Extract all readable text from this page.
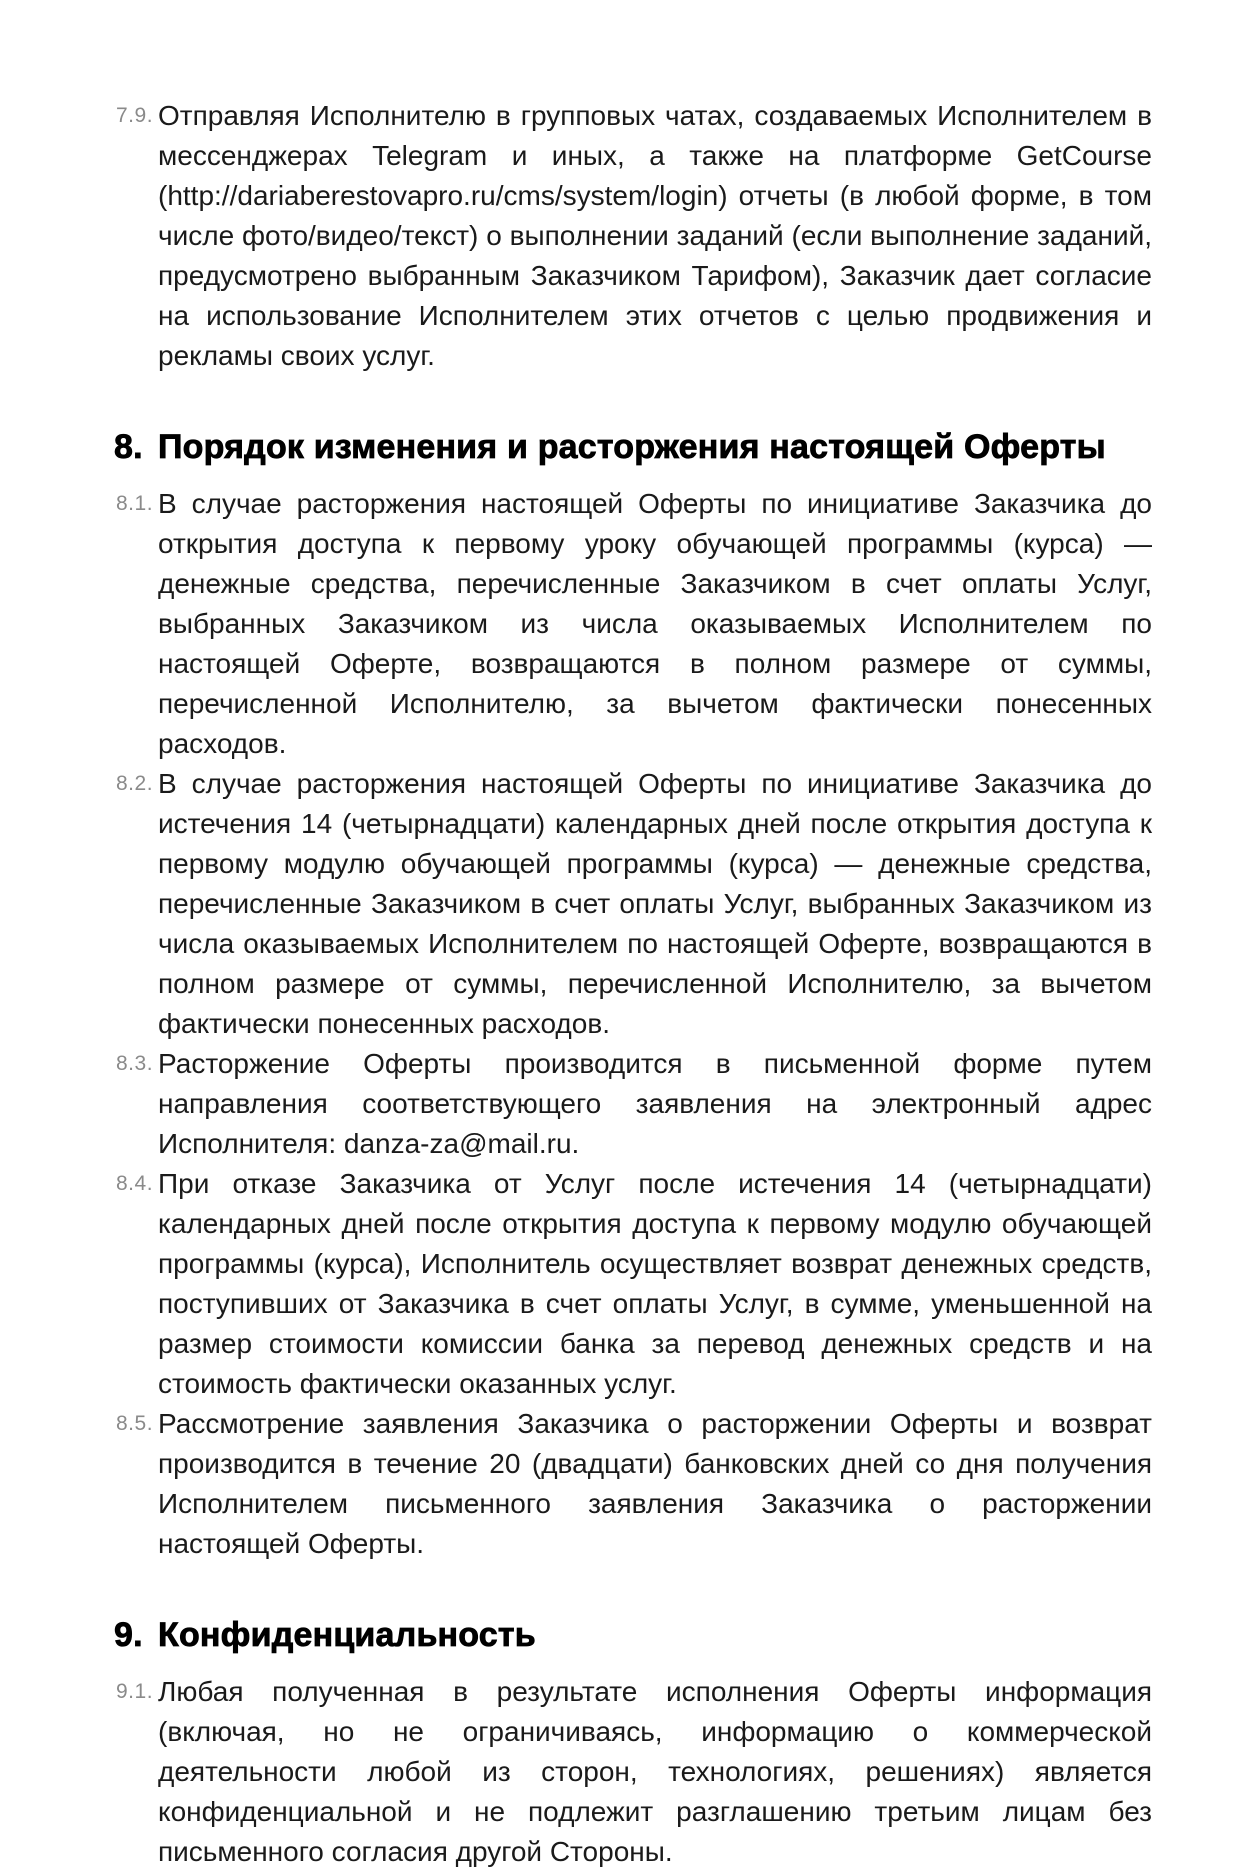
7.9. Отправляя Исполнителю в групповых чатах, создаваемых Исполнителем в мессенджерах Telegram и иных, а также на платформе GetCourse (http://dariaberestovapro.ru/cms/system/login) отчеты (в любой форме, в том числе фото/видео/текст) о выполнении заданий (если выполнение заданий, предусмотрено выбранным Заказчиком Тарифом), Заказчик дает согласие на использование Исполнителем этих отчетов с целью продвижения и рекламы своих услуг.

8. Порядок изменения и расторжения настоящей Оферты
8.1. В случае расторжения настоящей Оферты по инициативе Заказчика до открытия доступа к первому уроку обучающей программы (курса) — денежные средства, перечисленные Заказчиком в счет оплаты Услуг, выбранных Заказчиком из числа оказываемых Исполнителем по настоящей Оферте, возвращаются в полном размере от суммы, перечисленной Исполнителю, за вычетом фактически понесенных расходов.

8.2. В случае расторжения настоящей Оферты по инициативе Заказчика до истечения 14 (четырнадцати) календарных дней после открытия доступа к первому модулю обучающей программы (курса) — денежные средства, перечисленные Заказчиком в счет оплаты Услуг, выбранных Заказчиком из числа оказываемых Исполнителем по настоящей Оферте, возвращаются в полном размере от суммы, перечисленной Исполнителю, за вычетом фактически понесенных расходов.

8.3. Расторжение Оферты производится в письменной форме путем направления соответствующего заявления на электронный адрес Исполнителя: danza-za@mail.ru.

8.4. При отказе Заказчика от Услуг после истечения 14 (четырнадцати) календарных дней после открытия доступа к первому модулю обучающей программы (курса), Исполнитель осуществляет возврат денежных средств, поступивших от Заказчика в счет оплаты Услуг, в сумме, уменьшенной на размер стоимости комиссии банка за перевод денежных средств и на стоимость фактически оказанных услуг.

8.5. Рассмотрение заявления Заказчика о расторжении Оферты и возврат производится в течение 20 (двадцати) банковских дней со дня получения Исполнителем письменного заявления Заказчика о расторжении настоящей Оферты.

9. Конфиденциальность
9.1. Любая полученная в результате исполнения Оферты информация (включая, но не ограничиваясь, информацию о коммерческой деятельности любой из сторон, технологиях, решениях) является конфиденциальной и не подлежит разглашению третьим лицам без письменного согласия другой Стороны.
